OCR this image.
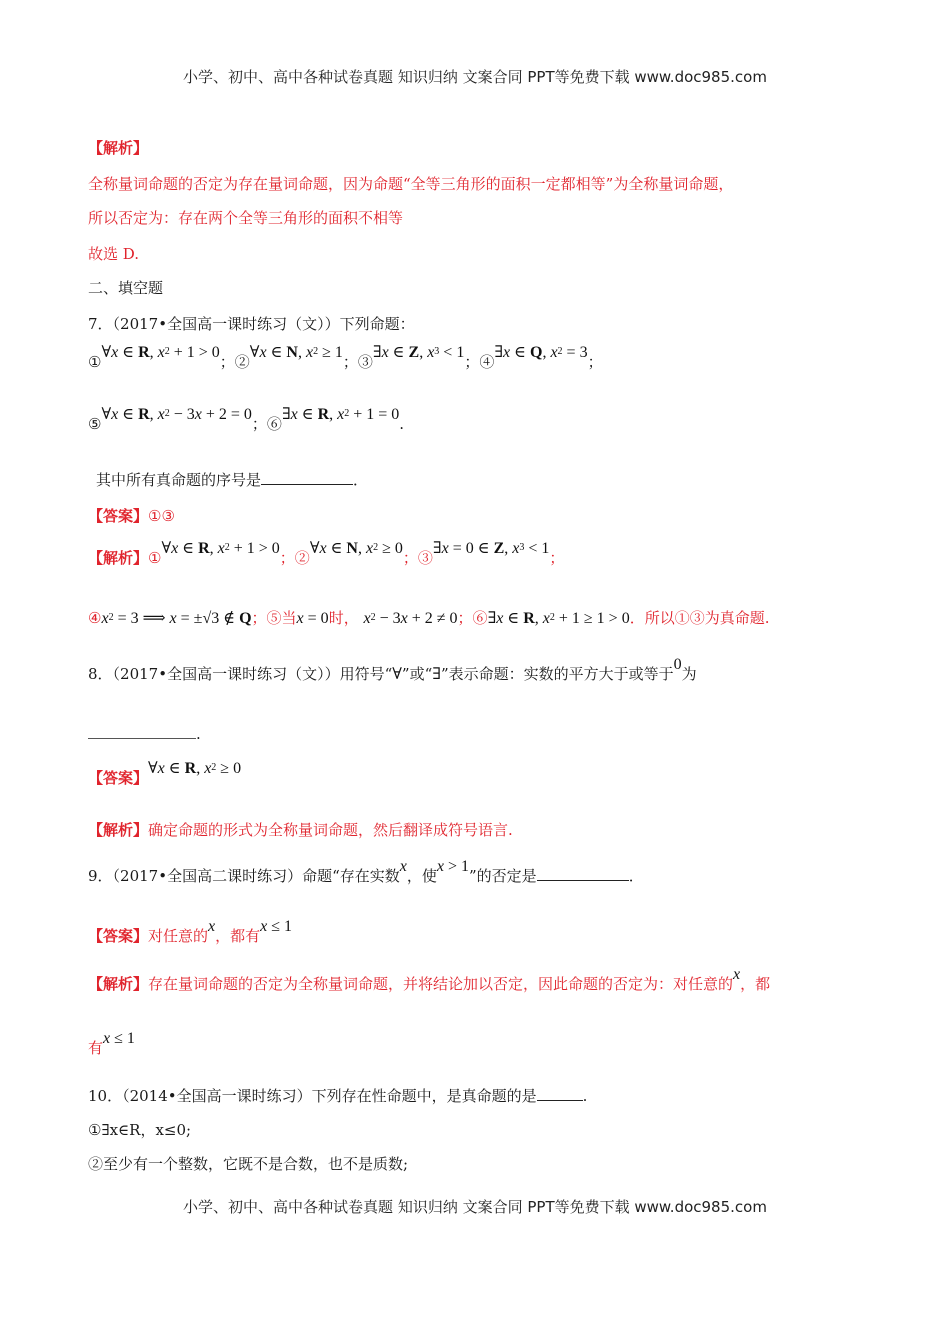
小学、初中、高中各种试卷真题 知识归纳 文案合同 PPT等免费下载 www.doc985.com
【解析】
全称量词命题的否定为存在量词命题，因为命题“全等三角形的面积一定都相等”为全称量词命题，
所以否定为：存在两个全等三角形的面积不相等
故选 D.
二、填空题
7．（2017•全国高一课时练习（文））下列命题：
①∀x ∈ R, $x^2 + 1 > 0$；②∀x ∈ N, $x^2 \ge 1$；③∃x ∈ Z, $x^3 < 1$；④∃x ∈ Q, $x^2 = 3$；
⑤∀x ∈ R, $x^2 - 3x + 2 = 0$；⑥∃x ∈ R, $x^2 + 1 = 0$.
其中所有真命题的序号是	．
【答案】①③
【解析】①∀x ∈ R, $x^2 + 1 > 0$；②∀x ∈ N, $x^2 \ge 0$；③∃x = 0 ∈ Z, $x^3 < 1$；
$④x^2 = 3$ ⟹ x = ±√3 ∉ Q；⑤当x = 0时， $x^2 - 3x + 2 \ne 0$；⑥∃x ∈ R, $x^2 + 1 \ge 1 > 0$．所以①③为真命题.
8．（2017•全国高一课时练习（文））用符号“∀”或“∃”表示命题：实数的平方大于或等于0为
.
【答案】∀x ∈ R, $x^2 \ge 0$
【解析】确定命题的形式为全称量词命题，然后翻译成符号语言.
9．（2017•全国高二课时练习）命题“存在实数x，使x > 1”的否定是	．
【答案】对任意的x，都有x ≤ 1
【解析】存在量词命题的否定为全称量词命题，并将结论加以否定，因此命题的否定为：对任意的x，都
有x ≤ 1
10．（2014•全国高一课时练习）下列存在性命题中，是真命题的是	.
①∃x∈R，x≤0;
②至少有一个整数，它既不是合数，也不是质数;
小学、初中、高中各种试卷真题 知识归纳 文案合同 PPT等免费下载 www.doc985.com
